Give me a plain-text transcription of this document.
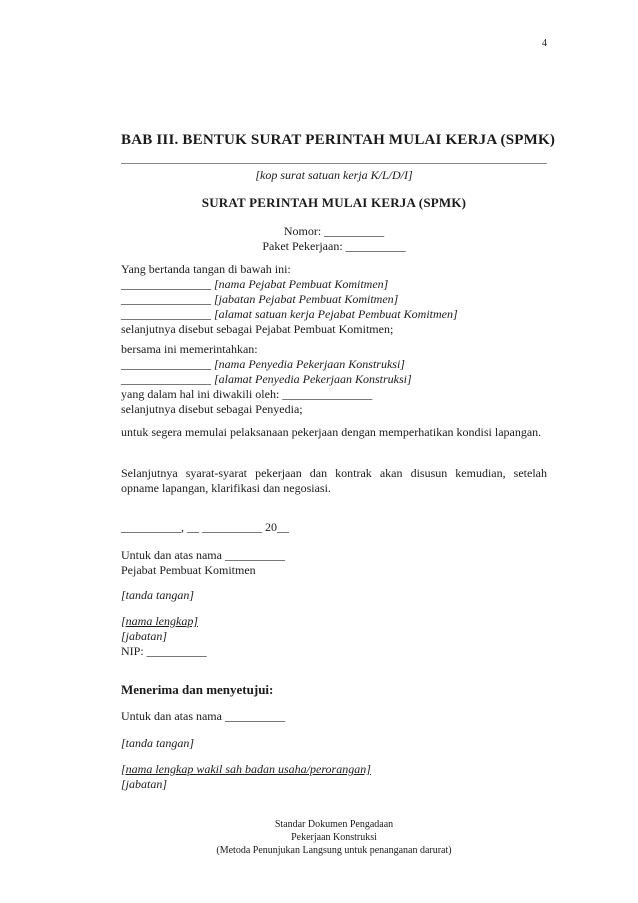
4
BAB III. BENTUK SURAT PERINTAH MULAI KERJA (SPMK)
[kop surat satuan kerja K/L/D/I]
SURAT PERINTAH MULAI KERJA (SPMK)
Nomor: __________
Paket Pekerjaan: __________
Yang bertanda tangan di bawah ini:
_______________ [nama Pejabat Pembuat Komitmen]
_______________ [jabatan Pejabat Pembuat Komitmen]
_______________ [alamat satuan kerja Pejabat Pembuat Komitmen]
selanjutnya disebut sebagai Pejabat Pembuat Komitmen;
bersama ini memerintahkan:
_______________ [nama Penyedia Pekerjaan Konstruksi]
_______________ [alamat Penyedia Pekerjaan Konstruksi]
yang dalam hal ini diwakili oleh: _______________
selanjutnya disebut sebagai Penyedia;
untuk segera memulai pelaksanaan pekerjaan dengan memperhatikan kondisi lapangan.
Selanjutnya syarat-syarat pekerjaan dan kontrak akan disusun kemudian, setelah opname lapangan, klarifikasi dan negosiasi.
__________, __ __________ 20__
Untuk dan atas nama __________
Pejabat Pembuat Komitmen
[tanda tangan]
[nama lengkap]
[jabatan]
NIP: __________
Menerima dan menyetujui:
Untuk dan atas nama __________
[tanda tangan]
[nama lengkap wakil sah badan usaha/perorangan]
[jabatan]
Standar Dokumen Pengadaan
Pekerjaan Konstruksi
(Metoda Penunjukan Langsung untuk penanganan darurat)
